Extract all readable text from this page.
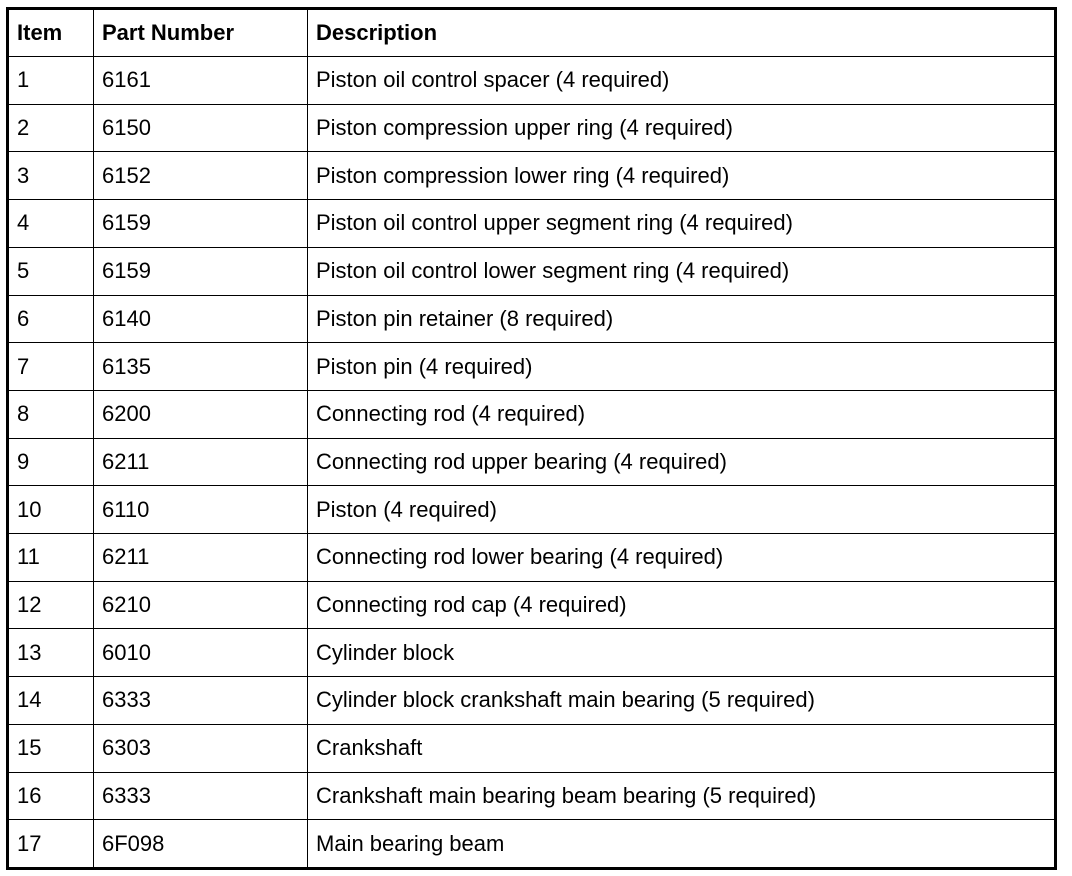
Item	Part Number	Description
1	6161	Piston oil control spacer (4 required)
2	6150	Piston compression upper ring (4 required)
3	6152	Piston compression lower ring (4 required)
4	6159	Piston oil control upper segment ring (4 required)
5	6159	Piston oil control lower segment ring (4 required)
6	6140	Piston pin retainer (8 required)
7	6135	Piston pin (4 required)
8	6200	Connecting rod (4 required)
9	6211	Connecting rod upper bearing (4 required)
10	6110	Piston (4 required)
11	6211	Connecting rod lower bearing (4 required)
12	6210	Connecting rod cap (4 required)
13	6010	Cylinder block
14	6333	Cylinder block crankshaft main bearing (5 required)
15	6303	Crankshaft
16	6333	Crankshaft main bearing beam bearing (5 required)
17	6F098	Main bearing beam
